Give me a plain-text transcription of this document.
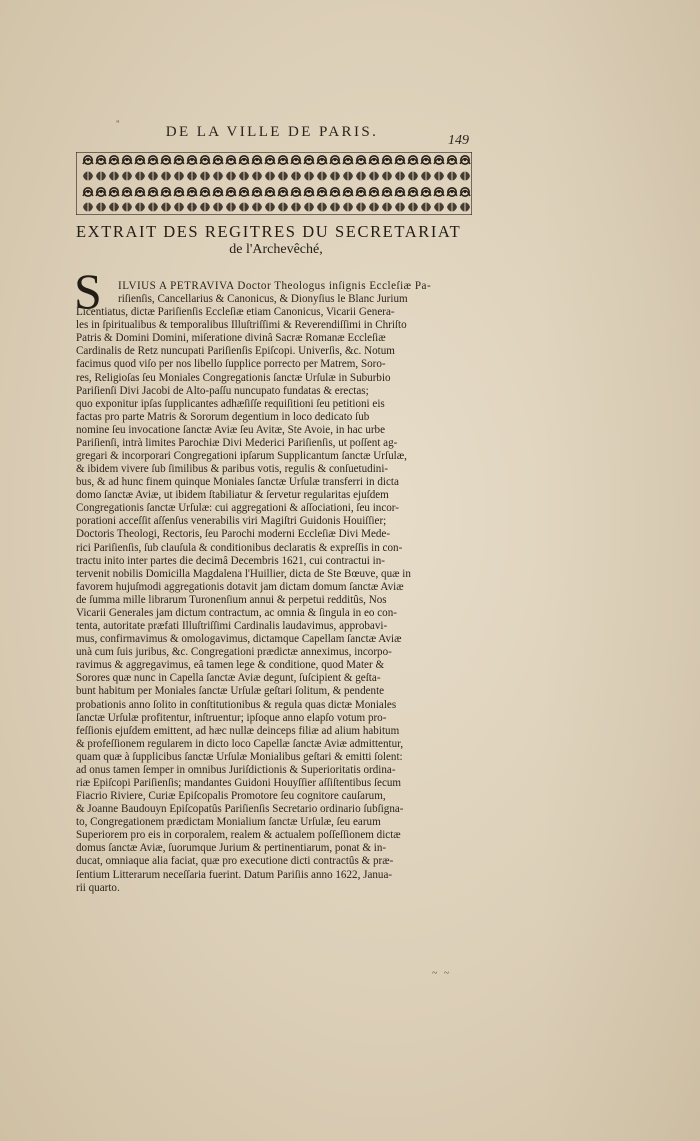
"	DE LA VILLE DE PARIS.
149
EXTRAIT DES REGITRES DU SECRETARIAT
de l'Archevêché,
S	ILVIUS A PETRAVIVA Doctor Theologus inſignis Eccleſiæ Pa-
riſienſis, Cancellarius & Canonicus, & Dionyſius le Blanc Jurium
Licentiatus, dictæ Pariſienſis Eccleſiæ etiam Canonicus, Vicarii Genera-
les in ſpiritualibus & temporalibus Illuſtriſſimi & Reverendiſſimi in Chriſto
Patris & Domini Domini, miſeratione divinâ Sacræ Romanæ Eccleſiæ
Cardinalis de Retz nuncupati Pariſienſis Epiſcopi. Univerſis, &c. Notum
facimus quod viſo per nos libello ſupplice porrecto per Matrem, Soro-
res, Religioſas ſeu Moniales Congregationis ſanctæ Urſulæ in Suburbio
Pariſienſi Divi Jacobi de Alto-paſſu nuncupato fundatas & erectas;
quo exponitur ipſas ſupplicantes adhæſiſſe requiſitioni ſeu petitioni eis
factas pro parte Matris & Sororum degentium in loco dedicato ſub
nomine ſeu invocatione ſanctæ Aviæ ſeu Avitæ, Ste Avoie, in hac urbe
Pariſienſi, intrà limites Parochiæ Divi Mederici Pariſienſis, ut poſſent ag-
gregari & incorporari Congregationi ipſarum Supplicantum ſanctæ Urſulæ,
& ibidem vivere ſub ſimilibus & paribus votis, regulis & conſuetudini-
bus, & ad hunc finem quinque Moniales ſanctæ Urſulæ transferri in dicta
domo ſanctæ Aviæ, ut ibidem ſtabiliatur & ſervetur regularitas ejuſdem
Congregationis ſanctæ Urſulæ: cui aggregationi & aſſociationi, ſeu incor-
porationi acceſſit aſſenſus venerabilis viri Magiſtri Guidonis Houiſſier;
Doctoris Theologi, Rectoris, ſeu Parochi moderni Eccleſiæ Divi Mede-
rici Pariſienſis, ſub clauſula & conditionibus declaratis & expreſſis in con-
tractu inito inter partes die decimâ Decembris 1621, cui contractui in-
tervenit nobilis Domicilla Magdalena l'Huillier, dicta de Ste Bœuve, quæ in
favorem hujuſmodi aggregationis dotavit jam dictam domum ſanctæ Aviæ
de ſumma mille librarum Turonenſium annui & perpetui redditûs, Nos
Vicarii Generales jam dictum contractum, ac omnia & ſingula in eo con-
tenta, autoritate præfati Illuſtriſſimi Cardinalis laudavimus, approbavi-
mus, confirmavimus & omologavimus, dictamque Capellam ſanctæ Aviæ
unà cum ſuis juribus, &c. Congregationi prædictæ anneximus, incorpo-
ravimus & aggregavimus, eâ tamen lege & conditione, quod Mater &
Sorores quæ nunc in Capella ſanctæ Aviæ degunt, ſuſcipient & geſta-
bunt habitum per Moniales ſanctæ Urſulæ geſtari ſolitum, & pendente
probationis anno ſolito in conſtitutionibus & regula quas dictæ Moniales
ſanctæ Urſulæ profitentur, inſtruentur; ipſoque anno elapſo votum pro-
feſſionis ejuſdem emittent, ad hæc nullæ deinceps filiæ ad alium habitum
& profeſſionem regularem in dicto loco Capellæ ſanctæ Aviæ admittentur,
quam quæ à ſupplicibus ſanctæ Urſulæ Monialibus geſtari & emitti ſolent:
ad onus tamen ſemper in omnibus Juriſdictionis & Superioritatis ordina-
riæ Epiſcopi Pariſienſis; mandantes Guidoni Houyſſier aſſiſtentibus ſecum
Fiacrio Riviere, Curiæ Epiſcopalis Promotore ſeu cognitore cauſarum,
& Joanne Baudouyn Epiſcopatûs Pariſienſis Secretario ordinario ſubſigna-
to, Congregationem prædictam Monialium ſanctæ Urſulæ, ſeu earum
Superiorem pro eis in corporalem, realem & actualem poſſeſſionem dictæ
domus ſanctæ Aviæ, ſuorumque Jurium & pertinentiarum, ponat & in-
ducat, omniaque alia faciat, quæ pro executione dicti contractûs & præ-
ſentium Litterarum neceſſaria fuerint. Datum Pariſiis anno 1622, Janua-
rii quarto.
~ ~
